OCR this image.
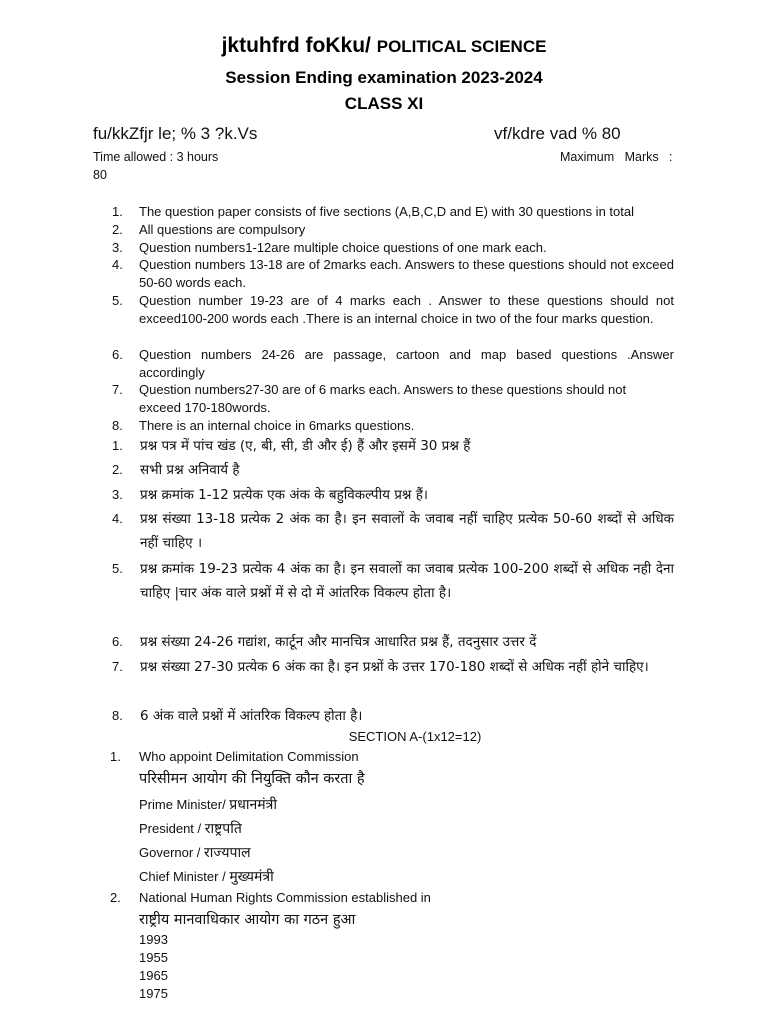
jktuhfrd foKku/ POLITICAL SCIENCE
Session Ending examination 2023-2024
CLASS XI
fu/kkZfjr le; % 3 ?k.Vs	vf/kdre vad % 80
Time allowed : 3 hours	Maximum   Marks   :
80
1.	The question paper consists of five sections (A,B,C,D and E) with 30 questions in total
2.	All questions are compulsory
3.	Question numbers1-12are multiple choice questions of one mark each.
4.	Question numbers 13-18 are of 2marks each. Answers to these questions should not exceed 50-60 words each.
5.	Question number 19-23 are of 4 marks each . Answer to these questions should not exceed100-200 words each .There is an internal choice in two of the four marks question.
6.	Question numbers 24-26 are passage, cartoon and map based questions .Answer accordingly
7.	Question numbers27-30 are of 6 marks each. Answers to these questions should not exceed 170-180words.
8.	There is an internal choice in 6marks questions.
1.	प्रश्न पत्र में पांच खंड (ए, बी, सी, डी और ई) हैं और इसमें 30 प्रश्न हैं
2.	सभी प्रश्न अनिवार्य है
3.	प्रश्न क्रमांक 1-12 प्रत्येक एक अंक के बहुविकल्पीय प्रश्न हैं।
4.	प्रश्न संख्या 13-18 प्रत्येक 2 अंक का है। इन सवालों के जवाब नहीं चाहिए प्रत्येक 50-60 शब्दों से अधिक नहीं चाहिए ।
5.	प्रश्न क्रमांक 19-23 प्रत्येक 4 अंक का है। इन सवालों का जवाब प्रत्येक 100-200 शब्दों से अधिक नही देना चाहिए |चार अंक वाले प्रश्नों में से दो में आंतरिक विकल्प होता है।
6.	प्रश्न संख्या 24-26 गद्यांश, कार्टून और मानचित्र आधारित प्रश्न हैं, तदनुसार उत्तर दें
7.	प्रश्न संख्या 27-30 प्रत्येक 6 अंक का है। इन प्रश्नों के उत्तर 170-180 शब्दों से अधिक नहीं होने चाहिए।
8.	6 अंक वाले प्रश्नों में आंतरिक विकल्प होता है।
SECTION A-(1x12=12)
1. Who appoint Delimitation Commission
परिसीमन आयोग की नियुक्ति कौन करता है
Prime Minister/ प्रधानमंत्री
President / राष्ट्रपति
Governor / राज्यपाल
Chief Minister / मुख्यमंत्री
2. National Human Rights Commission established in
राष्ट्रीय मानवाधिकार आयोग का गठन हुआ
1993
1955
1965
1975
